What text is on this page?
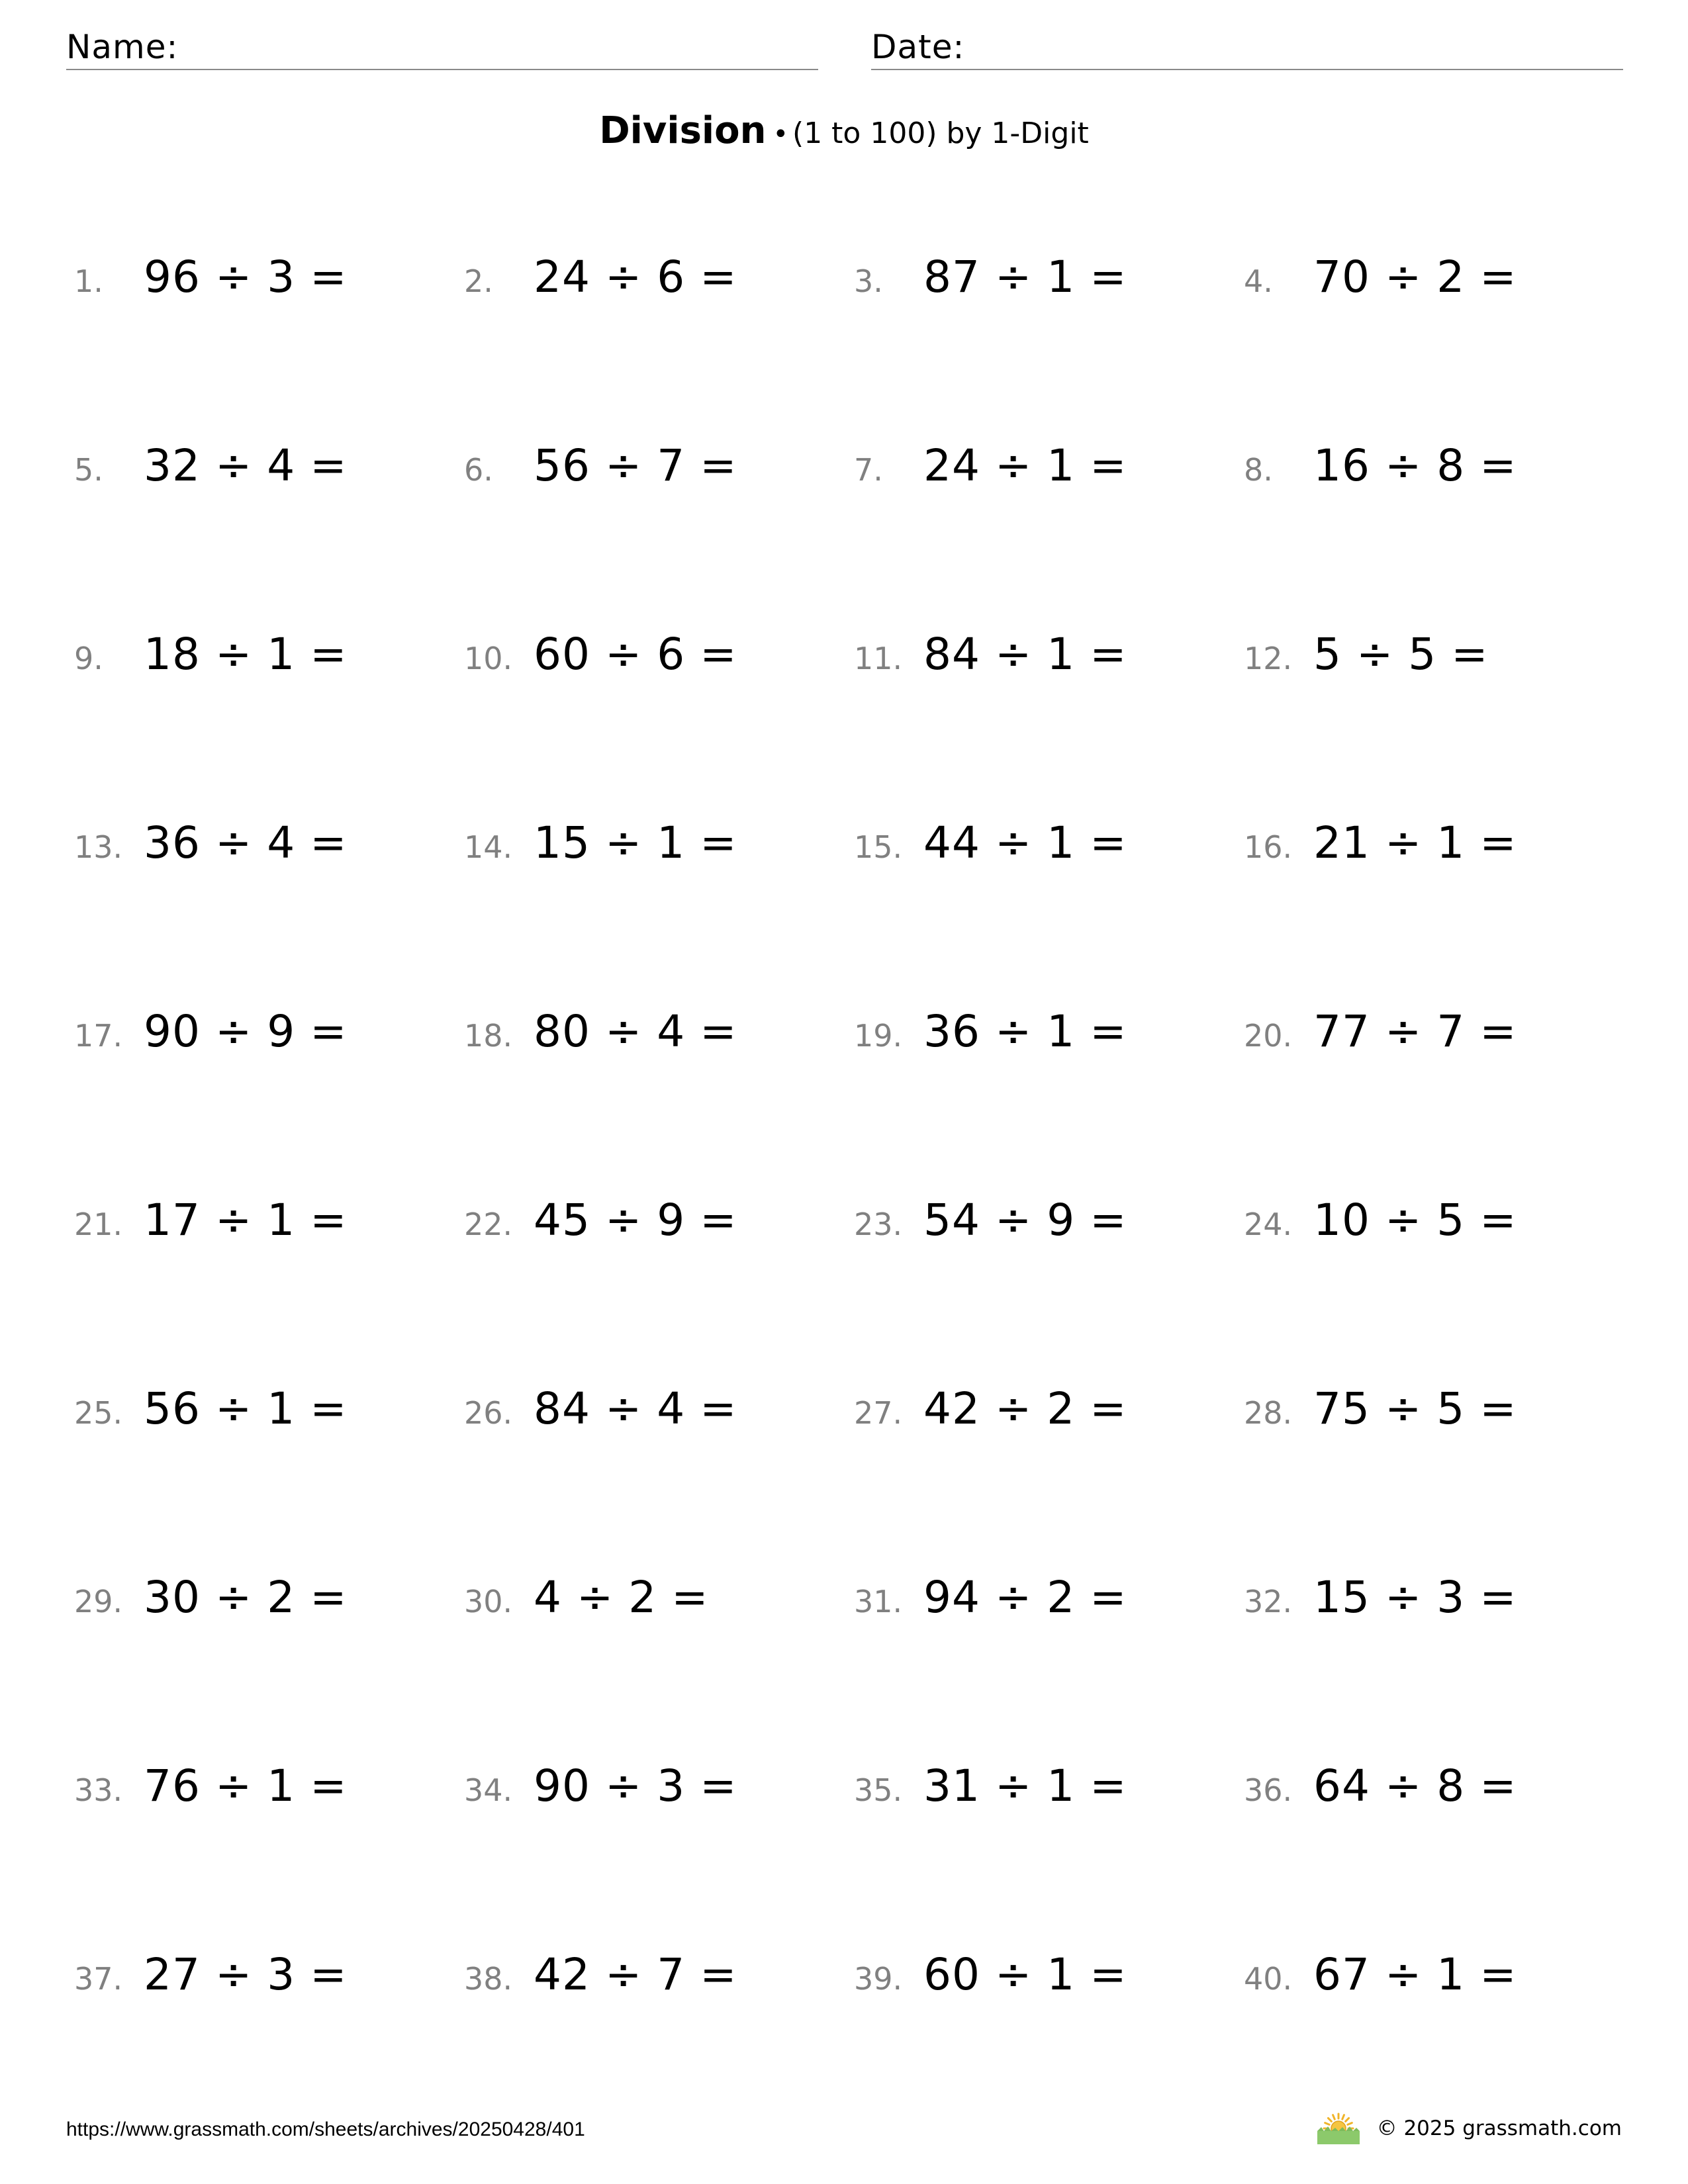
Name:	Date:
Division • (1 to 100) by 1-Digit
1. 96 ÷ 3 =	2. 24 ÷ 6 =	3. 87 ÷ 1 =	4. 70 ÷ 2 =
5. 32 ÷ 4 =	6. 56 ÷ 7 =	7. 24 ÷ 1 =	8. 16 ÷ 8 =
9. 18 ÷ 1 =	10. 60 ÷ 6 =	11. 84 ÷ 1 =	12. 5 ÷ 5 =
13. 36 ÷ 4 =	14. 15 ÷ 1 =	15. 44 ÷ 1 =	16. 21 ÷ 1 =
17. 90 ÷ 9 =	18. 80 ÷ 4 =	19. 36 ÷ 1 =	20. 77 ÷ 7 =
21. 17 ÷ 1 =	22. 45 ÷ 9 =	23. 54 ÷ 9 =	24. 10 ÷ 5 =
25. 56 ÷ 1 =	26. 84 ÷ 4 =	27. 42 ÷ 2 =	28. 75 ÷ 5 =
29. 30 ÷ 2 =	30. 4 ÷ 2 =	31. 94 ÷ 2 =	32. 15 ÷ 3 =
33. 76 ÷ 1 =	34. 90 ÷ 3 =	35. 31 ÷ 1 =	36. 64 ÷ 8 =
37. 27 ÷ 3 =	38. 42 ÷ 7 =	39. 60 ÷ 1 =	40. 67 ÷ 1 =
https://www.grassmath.com/sheets/archives/20250428/401	© 2025 grassmath.com
